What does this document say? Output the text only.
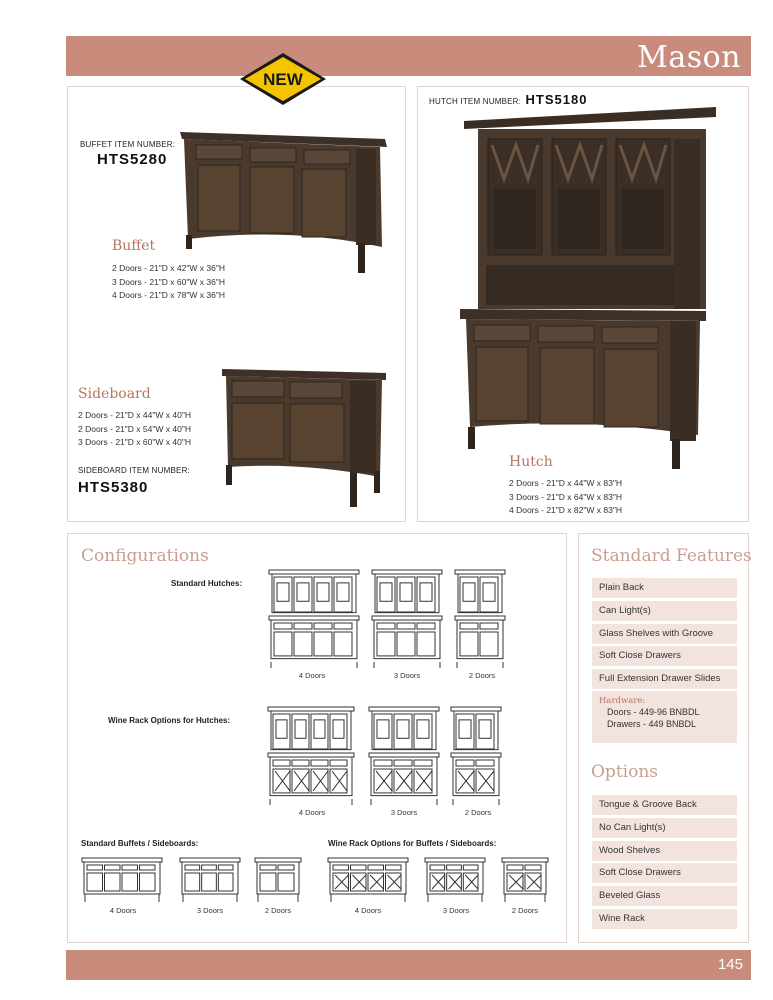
Mason
NEW
BUFFET ITEM NUMBER:
HTS5280
Buffet
2 Doors - 21"D x 42"W x 36"H
3 Doors - 21"D x 60"W x 36"H
4 Doors - 21"D x 78"W x 36"H
Sideboard
2 Doors - 21"D x 44"W x 40"H
2 Doors - 21"D x 54"W x 40"H
3 Doors - 21"D x 60"W x 40"H
SIDEBOARD ITEM NUMBER:
HTS5380
HUTCH ITEM NUMBER: HTS5180
Hutch
2 Doors - 21"D x 44"W x 83"H
3 Doors - 21"D x 64"W x 83"H
4 Doors - 21"D x 82"W x 83"H
Configurations
Standard Hutches:
Wine Rack Options for Hutches:
Standard Buffets / Sideboards:	Wine Rack Options for Buffets / Sideboards:
4 Doors	3 Doors	2 Doors
4 Doors	3 Doors	2 Doors
4 Doors	3 Doors	2 Doors	4 Doors	3 Doors	2 Doors
Standard Features
Plain Back
Can Light(s)
Glass Shelves with Groove
Soft Close Drawers
Full Extension Drawer Slides
Hardware:
Doors - 449-96 BNBDL
Drawers - 449 BNBDL
Options
Tongue & Groove Back
No Can Light(s)
Wood Shelves
Soft Close Drawers
Beveled Glass
Wine Rack
145
